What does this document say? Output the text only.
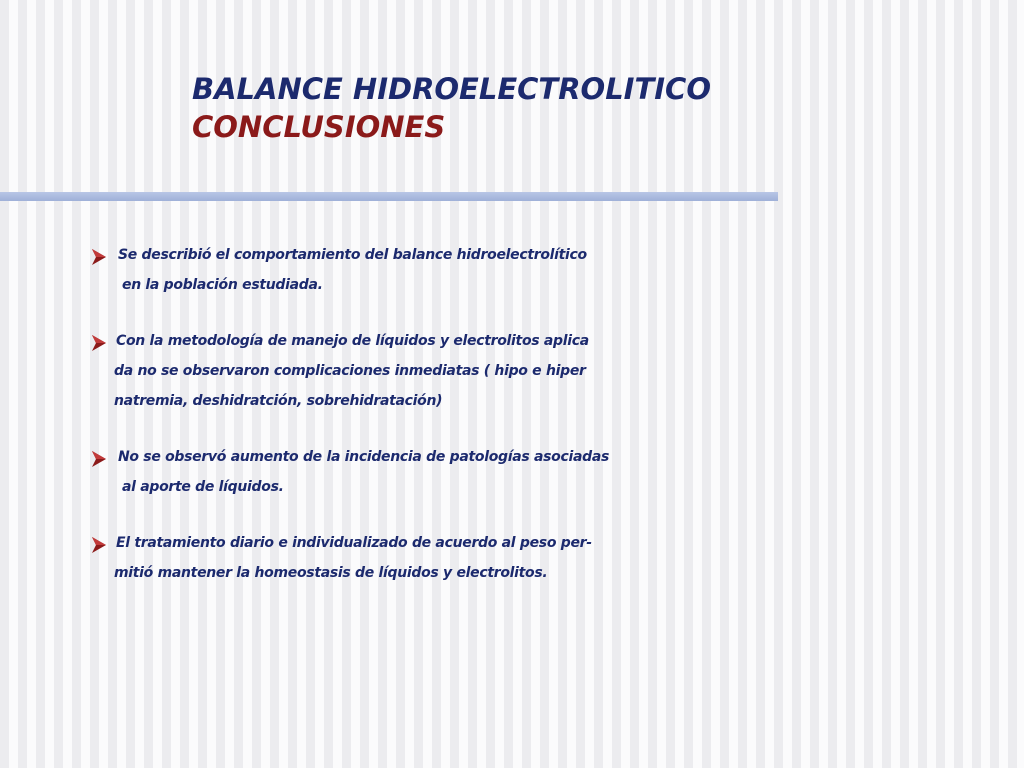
BALANCE HIDROELECTROLITICO
CONCLUSIONES
Se describió el comportamiento del balance hidroelectrolítico
en la población estudiada.
Con la metodología de manejo de líquidos y electrolitos aplica
da no se observaron complicaciones inmediatas ( hipo e hiper
natremia, deshidratción, sobrehidratación)
No se observó aumento de la incidencia de patologías asociadas
al aporte de líquidos.
El tratamiento diario e individualizado de acuerdo al peso per-
mitió mantener la homeostasis de líquidos y electrolitos.
